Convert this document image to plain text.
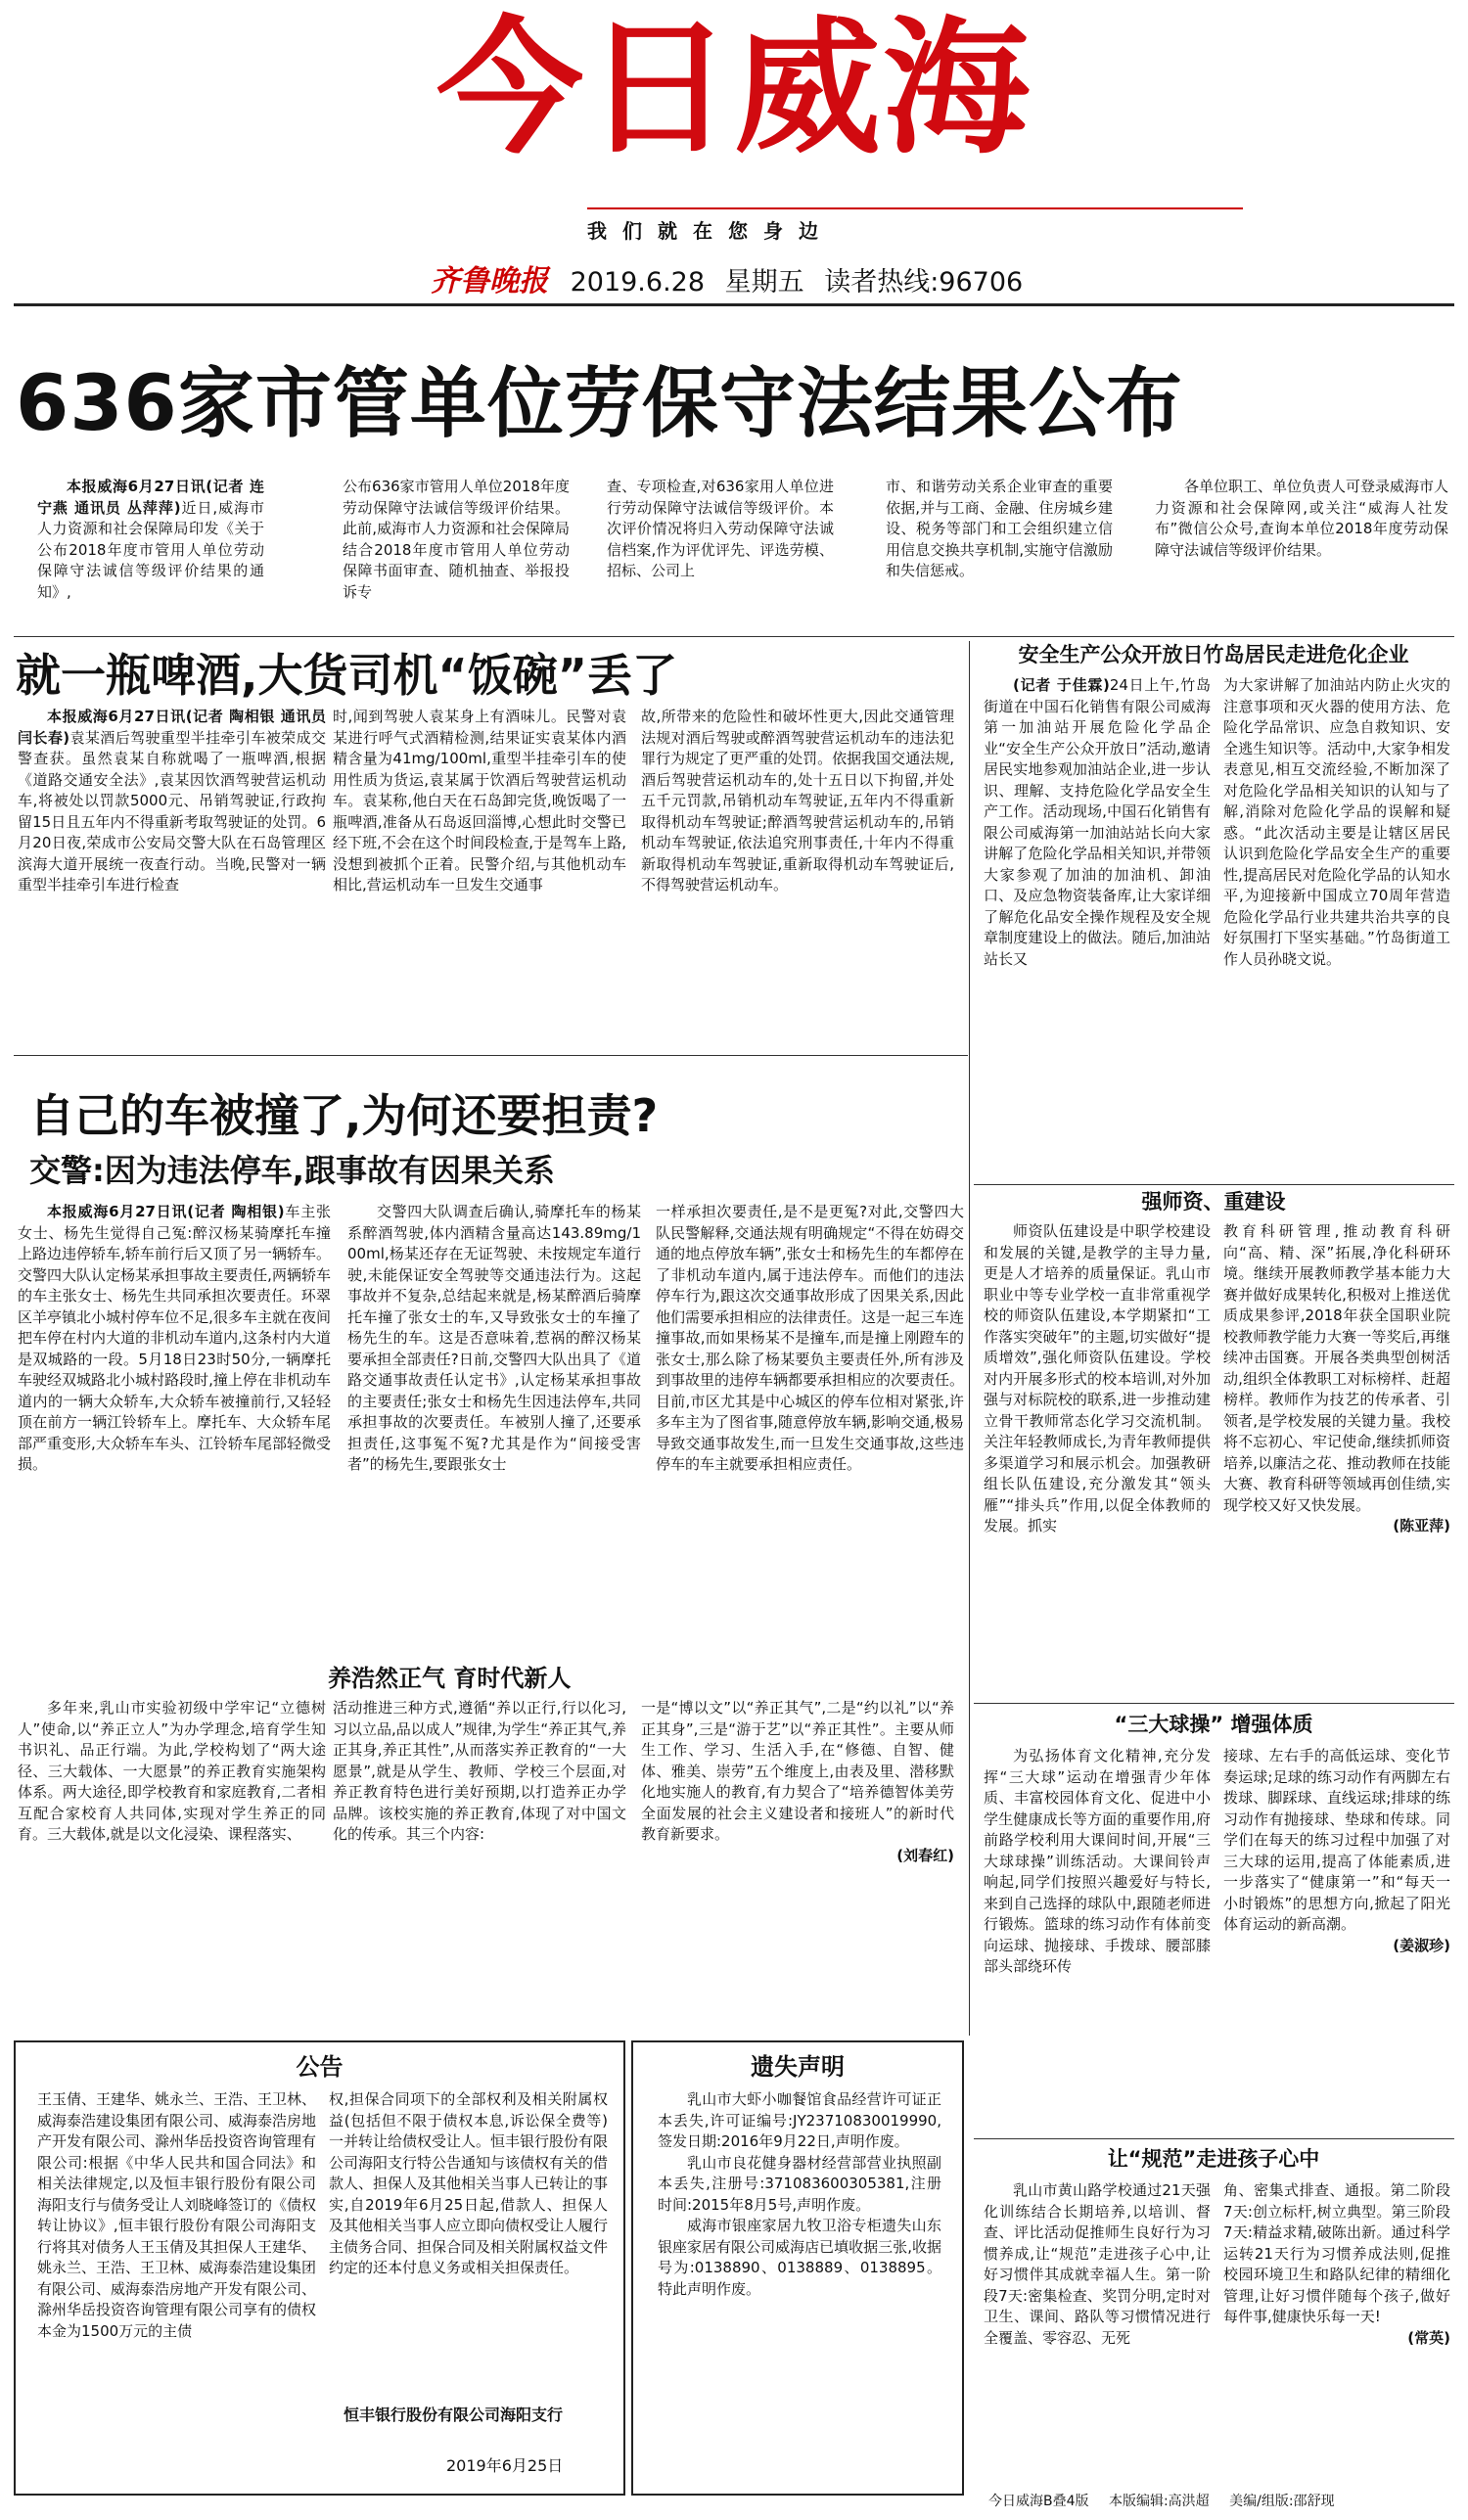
今日威海
我们就在您身边
齐鲁晚报 2019.6.28 星期五 读者热线:96706
636家市管单位劳保守法结果公布
本报威海6月27日讯(记者 连宁燕 通讯员 丛萍萍)近日,威海市人力资源和社会保障局印发《关于公布2018年度市管用人单位劳动保障守法诚信等级评价结果的通知》,
公布636家市管用人单位2018年度劳动保障守法诚信等级评价结果。此前,威海市人力资源和社会保障局结合2018年度市管用人单位劳动保障书面审查、随机抽查、举报投诉专
查、专项检查,对636家用人单位进行劳动保障守法诚信等级评价。本次评价情况将归入劳动保障守法诚信档案,作为评优评先、评选劳模、招标、公司上
市、和谐劳动关系企业审查的重要依据,并与工商、金融、住房城乡建设、税务等部门和工会组织建立信用信息交换共享机制,实施守信激励和失信惩戒。
各单位职工、单位负责人可登录威海市人力资源和社会保障网,或关注“威海人社发布”微信公众号,查询本单位2018年度劳动保障守法诚信等级评价结果。
就一瓶啤酒,大货司机“饭碗”丢了
本报威海6月27日讯(记者 陶相银 通讯员 闫长春)袁某酒后驾驶重型半挂牵引车被荣成交警查获。虽然袁某自称就喝了一瓶啤酒,根据《道路交通安全法》,袁某因饮酒驾驶营运机动车,将被处以罚款5000元、吊销驾驶证,行政拘留15日且五年内不得重新考取驾驶证的处罚。6月20日夜,荣成市公安局交警大队在石岛管理区滨海大道开展统一夜查行动。当晚,民警对一辆重型半挂牵引车进行检查
时,闻到驾驶人袁某身上有酒味儿。民警对袁某进行呼气式酒精检测,结果证实袁某体内酒精含量为41mg/100ml,重型半挂牵引车的使用性质为货运,袁某属于饮酒后驾驶营运机动车。袁某称,他白天在石岛卸完货,晚饭喝了一瓶啤酒,准备从石岛返回淄博,心想此时交警已经下班,不会在这个时间段检查,于是驾车上路,没想到被抓个正着。民警介绍,与其他机动车相比,营运机动车一旦发生交通事
故,所带来的危险性和破坏性更大,因此交通管理法规对酒后驾驶或醉酒驾驶营运机动车的违法犯罪行为规定了更严重的处罚。依据我国交通法规,酒后驾驶营运机动车的,处十五日以下拘留,并处五千元罚款,吊销机动车驾驶证,五年内不得重新取得机动车驾驶证;醉酒驾驶营运机动车的,吊销机动车驾驶证,依法追究刑事责任,十年内不得重新取得机动车驾驶证,重新取得机动车驾驶证后,不得驾驶营运机动车。
自己的车被撞了,为何还要担责?
交警:因为违法停车,跟事故有因果关系
本报威海6月27日讯(记者 陶相银)车主张女士、杨先生觉得自己冤:醉汉杨某骑摩托车撞上路边违停轿车,轿车前行后又顶了另一辆轿车。交警四大队认定杨某承担事故主要责任,两辆轿车的车主张女士、杨先生共同承担次要责任。环翠区羊亭镇北小城村停车位不足,很多车主就在夜间把车停在村内大道的非机动车道内,这条村内大道是双城路的一段。5月18日23时50分,一辆摩托车驶经双城路北小城村路段时,撞上停在非机动车道内的一辆大众轿车,大众轿车被撞前行,又轻轻顶在前方一辆江铃轿车上。摩托车、大众轿车尾部严重变形,大众轿车车头、江铃轿车尾部轻微受损。
交警四大队调查后确认,骑摩托车的杨某系醉酒驾驶,体内酒精含量高达143.89mg/100ml,杨某还存在无证驾驶、未按规定车道行驶,未能保证安全驾驶等交通违法行为。这起事故并不复杂,总结起来就是,杨某醉酒后骑摩托车撞了张女士的车,又导致张女士的车撞了杨先生的车。这是否意味着,惹祸的醉汉杨某要承担全部责任?日前,交警四大队出具了《道路交通事故责任认定书》,认定杨某承担事故的主要责任;张女士和杨先生因违法停车,共同承担事故的次要责任。车被别人撞了,还要承担责任,这事冤不冤?尤其是作为“间接受害者”的杨先生,要跟张女士
一样承担次要责任,是不是更冤?对此,交警四大队民警解释,交通法规有明确规定“不得在妨碍交通的地点停放车辆”,张女士和杨先生的车都停在了非机动车道内,属于违法停车。而他们的违法停车行为,跟这次交通事故形成了因果关系,因此他们需要承担相应的法律责任。这是一起三车连撞事故,而如果杨某不是撞车,而是撞上刚蹬车的张女士,那么除了杨某要负主要责任外,所有涉及到事故里的违停车辆都要承担相应的次要责任。目前,市区尤其是中心城区的停车位相对紧张,许多车主为了图省事,随意停放车辆,影响交通,极易导致交通事故发生,而一旦发生交通事故,这些违停车的车主就要承担相应责任。
养浩然正气 育时代新人
多年来,乳山市实验初级中学牢记“立德树人”使命,以“养正立人”为办学理念,培育学生知书识礼、品正行端。为此,学校构划了“两大途径、三大载体、一大愿景”的养正教育实施架构体系。两大途径,即学校教育和家庭教育,二者相互配合家校育人共同体,实现对学生养正的同育。三大载体,就是以文化浸染、课程落实、
活动推进三种方式,遵循“养以正行,行以化习,习以立品,品以成人”规律,为学生“养正其气,养正其身,养正其性”,从而落实养正教育的“一大愿景”,就是从学生、教师、学校三个层面,对养正教育特色进行美好预期,以打造养正办学品牌。该校实施的养正教育,体现了对中国文化的传承。其三个内容:
一是“博以文”以“养正其气”,二是“约以礼”以“养正其身”,三是“游于艺”以“养正其性”。主要从师生工作、学习、生活入手,在“修德、自智、健体、雅美、崇劳”五个维度上,由表及里、潜移默化地实施人的教育,有力契合了“培养德智体美劳全面发展的社会主义建设者和接班人”的新时代教育新要求。
(刘春红)
公告
王玉倩、王建华、姚永兰、王浩、王卫林、威海泰浩建设集团有限公司、威海泰浩房地产开发有限公司、滁州华岳投资咨询管理有限公司:根据《中华人民共和国合同法》和相关法律规定,以及恒丰银行股份有限公司海阳支行与债务受让人刘晓峰签订的《债权转让协议》,恒丰银行股份有限公司海阳支行将其对债务人王玉倩及其担保人王建华、姚永兰、王浩、王卫林、威海泰浩建设集团有限公司、威海泰浩房地产开发有限公司、滁州华岳投资咨询管理有限公司享有的债权本金为1500万元的主债
权,担保合同项下的全部权利及相关附属权益(包括但不限于债权本息,诉讼保全费等)一并转让给债权受让人。恒丰银行股份有限公司海阳支行特公告通知与该债权有关的借款人、担保人及其他相关当事人已转让的事实,自2019年6月25日起,借款人、担保人及其他相关当事人应立即向债权受让人履行主债务合同、担保合同及相关附属权益文件约定的还本付息义务或相关担保责任。
恒丰银行股份有限公司海阳支行
2019年6月25日
遗失声明
乳山市大虾小咖餐馆食品经营许可证正本丢失,许可证编号:JY23710830019990,签发日期:2016年9月22日,声明作废。
乳山市良花健身器材经营部营业执照副本丢失,注册号:371083600305381,注册时间:2015年8月5号,声明作废。
威海市银座家居九牧卫浴专柜遗失山东银座家居有限公司威海店已填收据三张,收据号为:0138890、0138889、0138895。特此声明作废。
安全生产公众开放日竹岛居民走进危化企业
(记者 于佳霖)24日上午,竹岛街道在中国石化销售有限公司威海第一加油站开展危险化学品企业“安全生产公众开放日”活动,邀请居民实地参观加油站企业,进一步认识、理解、支持危险化学品安全生产工作。活动现场,中国石化销售有限公司威海第一加油站站长向大家讲解了危险化学品相关知识,并带领大家参观了加油的加油机、卸油口、及应急物资装备库,让大家详细了解危化品安全操作规程及安全规章制度建设上的做法。随后,加油站站长又
为大家讲解了加油站内防止火灾的注意事项和灭火器的使用方法、危险化学品常识、应急自救知识、安全逃生知识等。活动中,大家争相发表意见,相互交流经验,不断加深了对危险化学品相关知识的认知与了解,消除对危险化学品的误解和疑惑。“此次活动主要是让辖区居民认识到危险化学品安全生产的重要性,提高居民对危险化学品的认知水平,为迎接新中国成立70周年营造危险化学品行业共建共治共享的良好氛围打下坚实基础。”竹岛街道工作人员孙晓文说。
强师资、重建设
师资队伍建设是中职学校建设和发展的关键,是教学的主导力量,更是人才培养的质量保证。乳山市职业中等专业学校一直非常重视学校的师资队伍建设,本学期紧扣“工作落实突破年”的主题,切实做好“提质增效”,强化师资队伍建设。学校对内开展多形式的校本培训,对外加强与对标院校的联系,进一步推动建立骨干教师常态化学习交流机制。关注年轻教师成长,为青年教师提供多渠道学习和展示机会。加强教研组长队伍建设,充分激发其“领头雁”“排头兵”作用,以促全体教师的发展。抓实
教育科研管理,推动教育科研向“高、精、深”拓展,净化科研环境。继续开展教师教学基本能力大赛并做好成果转化,积极对上推送优质成果参评,2018年获全国职业院校教师教学能力大赛一等奖后,再继续冲击国赛。开展各类典型创树活动,组织全体教职工对标榜样、赶超榜样。教师作为技艺的传承者、引领者,是学校发展的关键力量。我校将不忘初心、牢记使命,继续抓师资培养,以廉洁之花、推动教师在技能大赛、教育科研等领域再创佳绩,实现学校又好又快发展。
(陈亚萍)
“三大球操” 增强体质
为弘扬体育文化精神,充分发挥“三大球”运动在增强青少年体质、丰富校园体育文化、促进中小学生健康成长等方面的重要作用,府前路学校利用大课间时间,开展“三大球球操”训练活动。大课间铃声响起,同学们按照兴趣爱好与特长,来到自己选择的球队中,跟随老师进行锻炼。篮球的练习动作有体前变向运球、抛接球、手拨球、腰部膝部头部绕环传
接球、左右手的高低运球、变化节奏运球;足球的练习动作有两脚左右拨球、脚踩球、直线运球;排球的练习动作有抛接球、垫球和传球。同学们在每天的练习过程中加强了对三大球的运用,提高了体能素质,进一步落实了“健康第一”和“每天一小时锻炼”的思想方向,掀起了阳光体育运动的新高潮。
(姜淑珍)
让“规范”走进孩子心中
乳山市黄山路学校通过21天强化训练结合长期培养,以培训、督查、评比活动促推师生良好行为习惯养成,让“规范”走进孩子心中,让好习惯伴其成就幸福人生。第一阶段7天:密集检查、奖罚分明,定时对卫生、课间、路队等习惯情况进行全覆盖、零容忍、无死
角、密集式排查、通报。第二阶段7天:创立标杆,树立典型。第三阶段7天:精益求精,破陈出新。通过科学运转21天行为习惯养成法则,促推校园环境卫生和路队纪律的精细化管理,让好习惯伴随每个孩子,做好每件事,健康快乐每一天!
(常英)
今日威海B叠4版 本版编辑:高洪超 美编/组版:邵舒现
